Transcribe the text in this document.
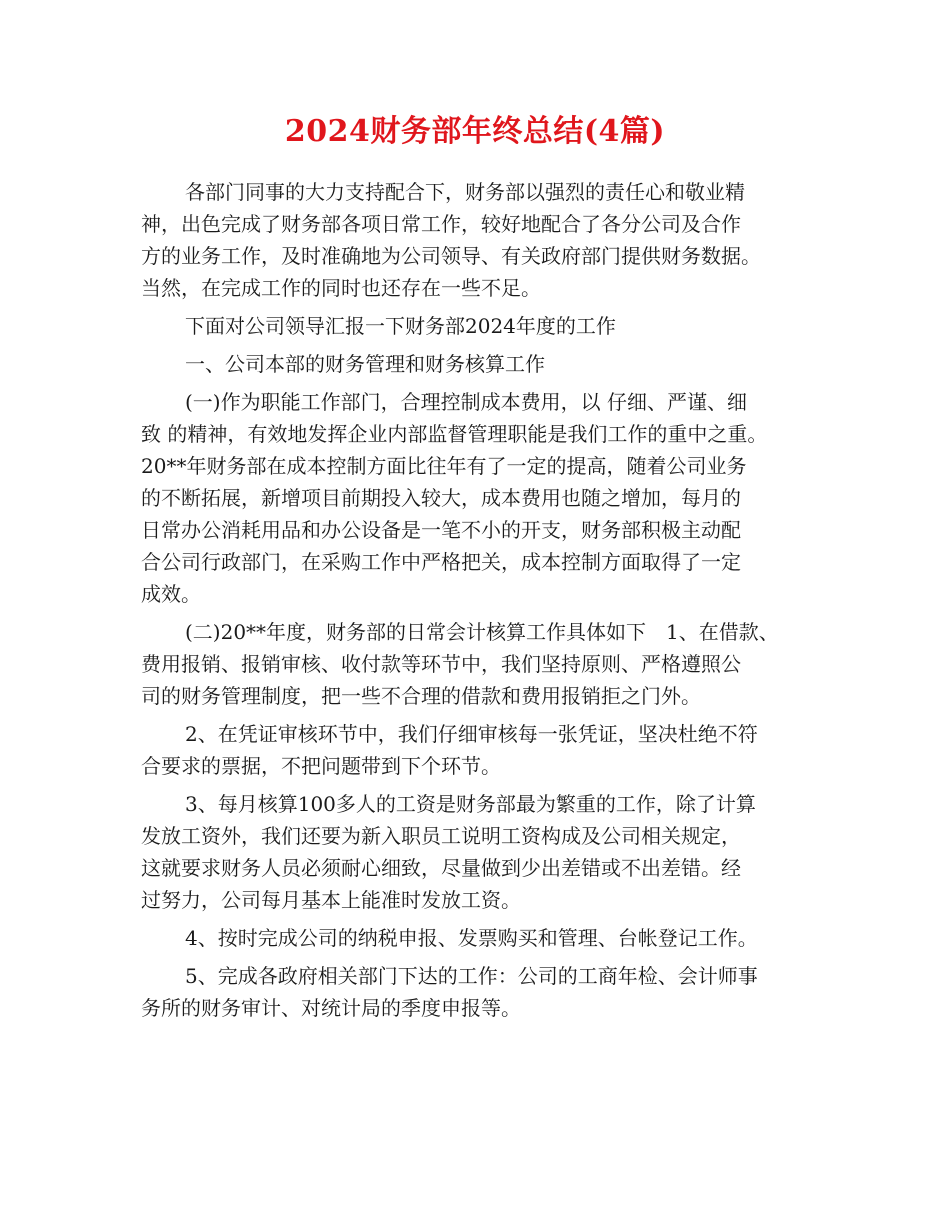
2024财务部年终总结(4篇)
各部门同事的大力支持配合下，财务部以强烈的责任心和敬业精
神，出色完成了财务部各项日常工作，较好地配合了各分公司及合作
方的业务工作，及时准确地为公司领导、有关政府部门提供财务数据。
当然，在完成工作的同时也还存在一些不足。
下面对公司领导汇报一下财务部2024年度的工作
一、公司本部的财务管理和财务核算工作
(一)作为职能工作部门，合理控制成本费用，以 仔细、严谨、细
致 的精神，有效地发挥企业内部监督管理职能是我们工作的重中之重。
20**年财务部在成本控制方面比往年有了一定的提高，随着公司业务
的不断拓展，新增项目前期投入较大，成本费用也随之增加，每月的
日常办公消耗用品和办公设备是一笔不小的开支，财务部积极主动配
合公司行政部门，在采购工作中严格把关，成本控制方面取得了一定
成效。
(二)20**年度，财务部的日常会计核算工作具体如下　1、在借款、
费用报销、报销审核、收付款等环节中，我们坚持原则、严格遵照公
司的财务管理制度，把一些不合理的借款和费用报销拒之门外。
2、在凭证审核环节中，我们仔细审核每一张凭证，坚决杜绝不符
合要求的票据，不把问题带到下个环节。
3、每月核算100多人的工资是财务部最为繁重的工作，除了计算
发放工资外，我们还要为新入职员工说明工资构成及公司相关规定，
这就要求财务人员必须耐心细致，尽量做到少出差错或不出差错。经
过努力，公司每月基本上能准时发放工资。
4、按时完成公司的纳税申报、发票购买和管理、台帐登记工作。
5、完成各政府相关部门下达的工作：公司的工商年检、会计师事
务所的财务审计、对统计局的季度申报等。
